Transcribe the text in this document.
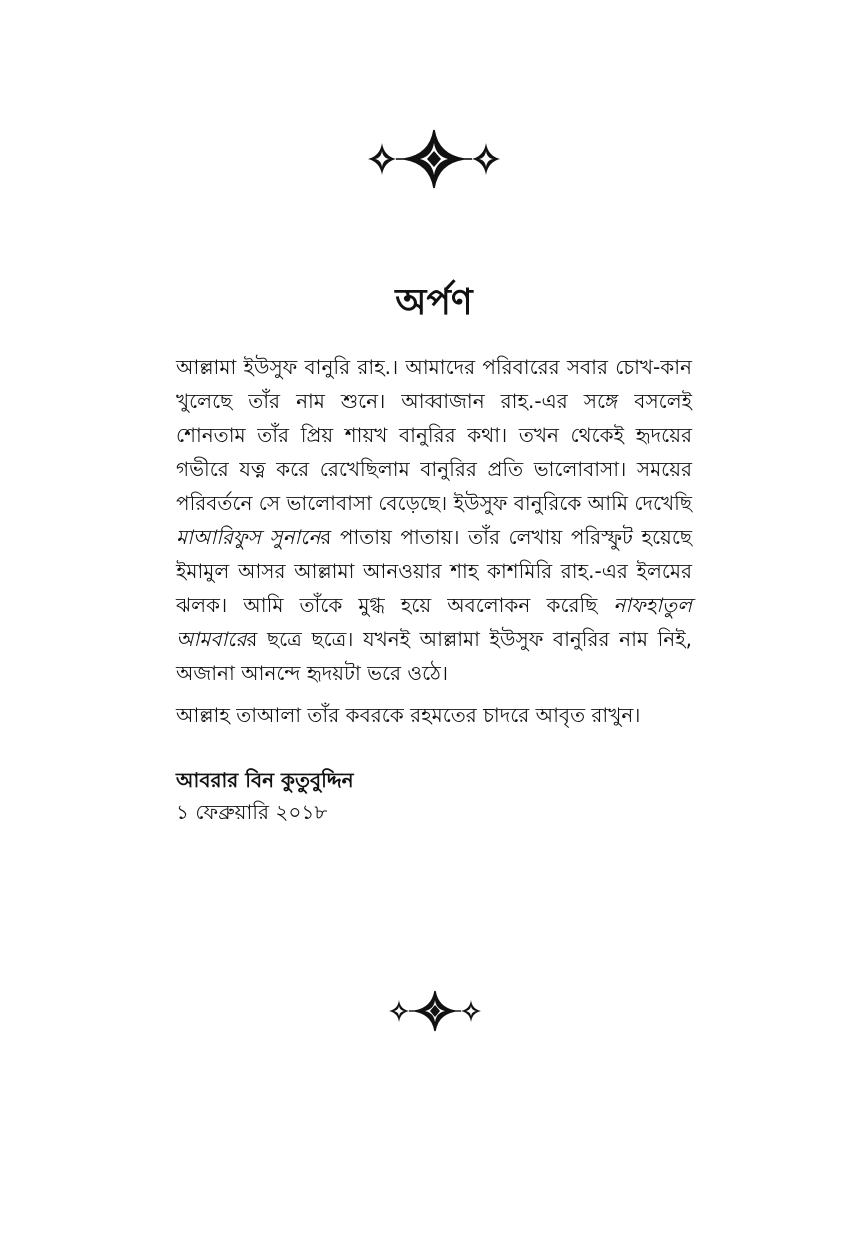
অর্পণ

আল্লামা ইউসুফ বানুরি রাহ.। আমাদের পরিবারের সবার চোখ-কান খুলেছে তাঁর নাম শুনে। আব্বাজান রাহ.-এর সঙ্গে বসলেই শোনতাম তাঁর প্রিয় শায়খ বানুরির কথা। তখন থেকেই হৃদয়ের গভীরে যত্ন করে রেখেছিলাম বানুরির প্রতি ভালোবাসা। সময়ের পরিবর্তনে সে ভালোবাসা বেড়েছে। ইউসুফ বানুরিকে আমি দেখেছি মাআরিফুস সুনানের পাতায় পাতায়। তাঁর লেখায় পরিস্ফুট হয়েছে ইমামুল আসর আল্লামা আনওয়ার শাহ কাশমিরি রাহ.-এর ইলমের ঝলক। আমি তাঁকে মুগ্ধ হয়ে অবলোকন করেছি নাফহাতুল আমবারের ছত্রে ছত্রে। যখনই আল্লামা ইউসুফ বানুরির নাম নিই, অজানা আনন্দে হৃদয়টা ভরে ওঠে।

আল্লাহ তাআলা তাঁর কবরকে রহমতের চাদরে আবৃত রাখুন।

আবরার বিন কুতুবুদ্দিন
১ ফেব্রুয়ারি ২০১৮
